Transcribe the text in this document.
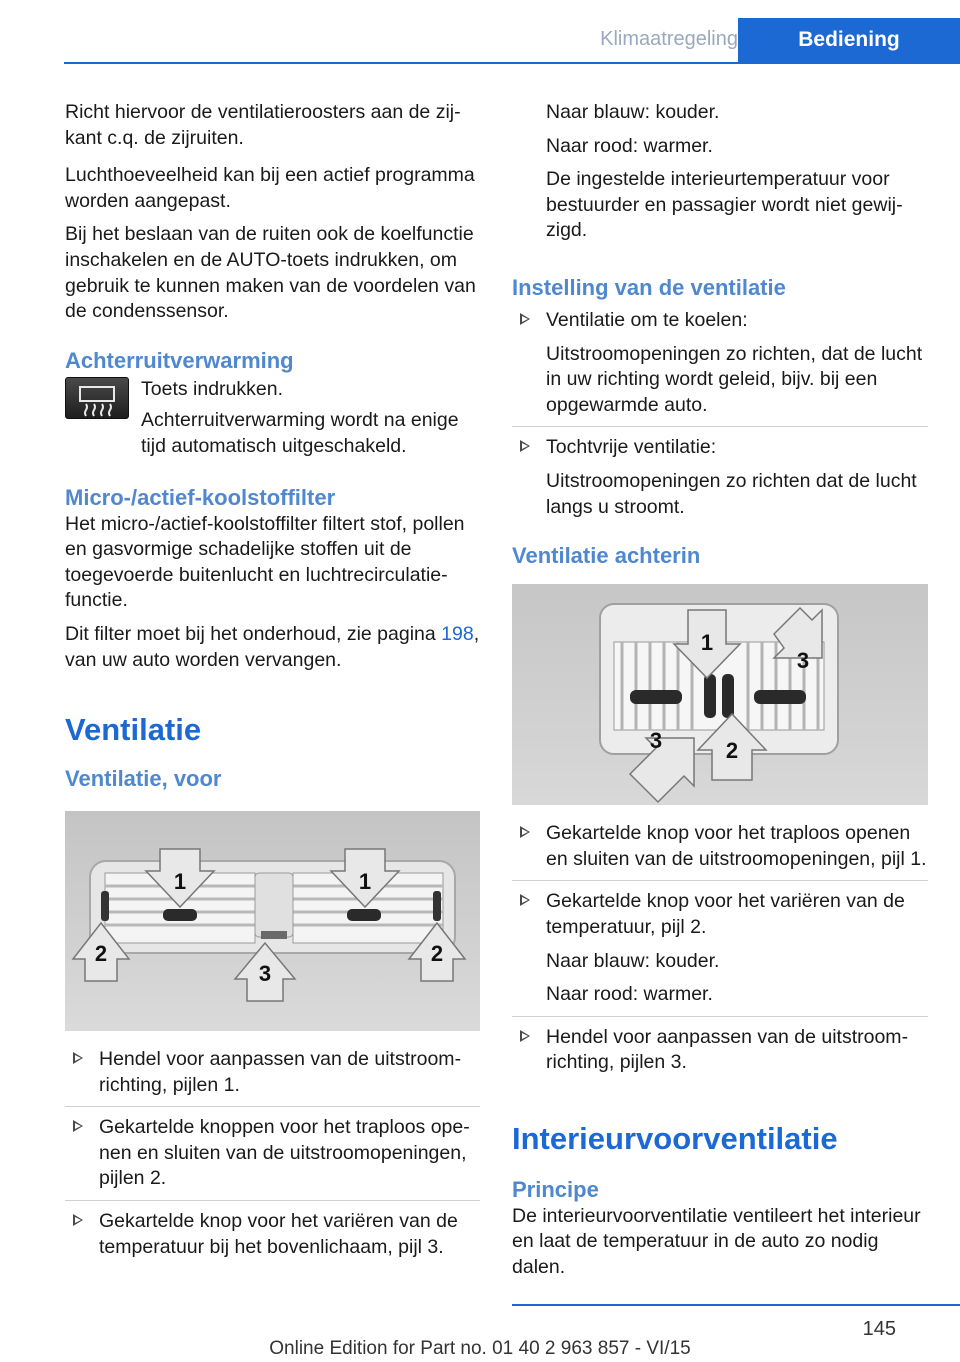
Klimaatregeling	Bediening

Richt hiervoor de ventilatieroosters aan de zijkant c.q. de zijruiten.

Luchthoeveelheid kan bij een actief programma worden aangepast.

Bij het beslaan van de ruiten ook de koelfunctie inschakelen en de AUTO-toets indrukken, om gebruik te kunnen maken van de voordelen van de condenssensor.

Achterruitverwarming

Toets indrukken.

Achterruitverwarming wordt na enige tijd automatisch uitgeschakeld.

Micro-/actief-koolstoffilter

Het micro-/actief-koolstoffilter filtert stof, pollen en gasvormige schadelijke stoffen uit de toegevoerde buitenlucht en luchtrecirculatiefunctie.

Dit filter moet bij het onderhoud, zie pagina 198, van uw auto worden vervangen.

Ventilatie
Ventilatie, voor
1	1
2	2
3

Hendel voor aanpassen van de uitstroomrichting, pijlen 1.

Gekartelde knoppen voor het traploos openen en sluiten van de uitstroomopeningen, pijlen 2.

Gekartelde knop voor het variëren van de temperatuur bij het bovenlichaam, pijl 3.

Naar blauw: kouder.

Naar rood: warmer.

De ingestelde interieurtemperatuur voor bestuurder en passagier wordt niet gewijzigd.

Instelling van de ventilatie

Ventilatie om te koelen:

Uitstroomopeningen zo richten, dat de lucht in uw richting wordt geleid, bijv. bij een opgewarmde auto.

Tochtvrije ventilatie:

Uitstroomopeningen zo richten dat de lucht langs u stroomt.

Ventilatie achterin
1
3
3	2

Gekartelde knop voor het traploos openen en sluiten van de uitstroomopeningen, pijl 1.

Gekartelde knop voor het variëren van de temperatuur, pijl 2.

Naar blauw: kouder.

Naar rood: warmer.

Hendel voor aanpassen van de uitstroomrichting, pijlen 3.

Interieurvoorventilatie
Principe

De interieurvoorventilatie ventileert het interieur en laat de temperatuur in de auto zo nodig dalen.

145
Online Edition for Part no. 01 40 2 963 857 - VI/15
